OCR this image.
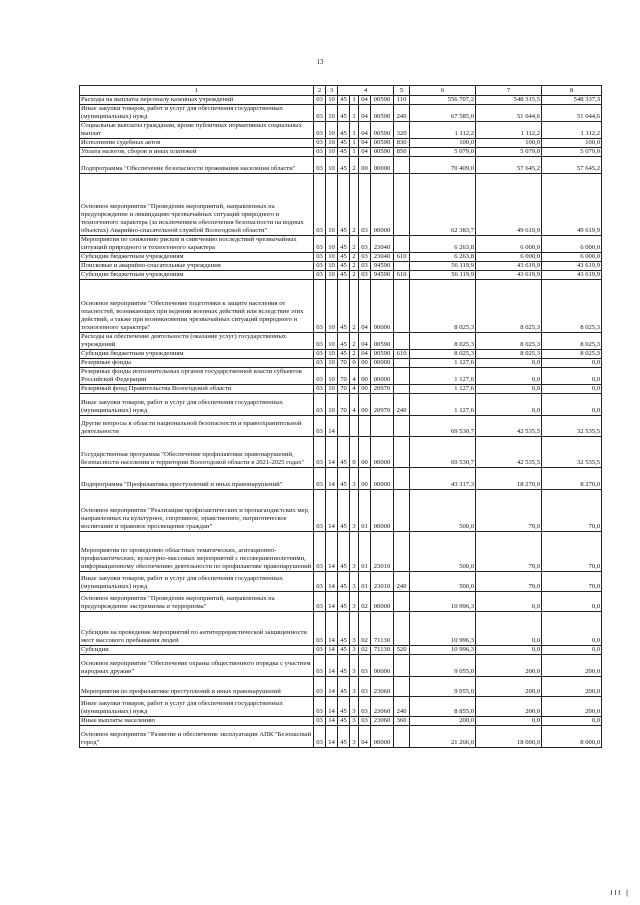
13
1	2	3	4				5	6	7	8
Расходы на выплаты персоналу казенных учреждений	03	10	45	1	04	00590		110	556 707,2	548 315,5	548 337,3
Иные закупки товаров, работ и услуг для обеспечения государственных (муниципальных) нужд	03	10	45	1	04	00590		240	67 585,0	51 044,6	51 044,6
Социальные выплаты гражданам, кроме публичных нормативных социальных выплат	03	10	45	1	04	00590		320	1 112,2	1 112,2	1 112,2
Исполнение судебных актов	03	10	45	1	04	00590		830	100,0	100,0	100,0
Уплата налогов, сборов и иных платежей	03	10	45	1	04	00590		850	5 079,0	5 079,0	5 079,0
Подпрограмма "Обеспечение безопасности проживания населения области"	03	10	45	2	00	00000			70 409,0	57 645,2	57 645,2
Основное мероприятие "Проведение мероприятий, направленных на предупреждение и ликвидацию чрезвычайных ситуаций природного и техногенного характера (за исключением обеспечения безопасности на водных объектах) Аварийно-спасательной службой Вологодской области"	03	10	45	2	03	00000			62 383,7	49 619,9	49 619,9
Мероприятия по снижению рисков и смягчению последствий чрезвычайных ситуаций природного и техногенного характера	03	10	45	2	03	23040			6 263,8	6 000,0	6 000,0
Субсидии бюджетным учреждениям	03	10	45	2	03	23040		610	6 263,8	6 000,0	6 000,0
Поисковые и аварийно-спасательные учреждения	03	10	45	2	03	94590			56 119,9	43 619,9	43 619,9
Субсидии бюджетным учреждениям	03	10	45	2	03	94590		610	56 119,9	43 619,9	43 619,9
Основное мероприятие "Обеспечение подготовки к защите населения от опасностей, возникающих при ведении военных действий или вследствие этих действий, а также при возникновении чрезвычайных ситуаций природного и техногенного характера"	03	10	45	2	04	00000			8 025,3	8 025,3	8 025,3
Расходы на обеспечение деятельности (оказание услуг) государственных учреждений	03	10	45	2	04	00590			8 025,3	8 025,3	8 025,3
Субсидии бюджетным учреждениям	03	10	45	2	04	00590		610	8 025,3	8 025,3	8 025,3
Резервные фонды	03	10	70	0	00	00000			1 127,6	0,0	0,0
Резервные фонды исполнительных органов государственной власти субъектов Российской Федерации	03	10	70	4	00	00000			1 127,6	0,0	0,0
Резервный фонд Правительства Вологодской области	03	10	70	4	00	20970			1 127,6	0,0	0,0
Иные закупки товаров, работ и услуг для обеспечения государственных (муниципальных) нужд	03	10	70	4	00	20970		240	1 127,6	0,0	0,0
Другие вопросы в области национальной безопасности и правоохранительной деятельности	03	14							69 530,7	42 535,5	32 535,5
Государственная программа "Обеспечение профилактики правонарушений, безопасности населения и территории Вологодской области в 2021-2025 годах"	03	14	45	0	00	00000			69 530,7	42 535,5	32 535,5
Подпрограмма "Профилактика преступлений и иных правонарушений"	03	14	45	3	00	00000			43 317,3	18 270,0	8 270,0
Основное мероприятие "Реализация профилактических и пропагандистских мер, направленных на культурное, спортивное, нравственное, патриотическое воспитание и правовое просвещение граждан"	03	14	45	3	01	00000			500,0	70,0	70,0
Мероприятия по проведению областных тематических, агитационно-профилактических, культурно-массовых мероприятий с несовершеннолетними, информационному обеспечению деятельности по профилактике правонарушений	03	14	45	3	01	23010			500,0	70,0	70,0
Иные закупки товаров, работ и услуг для обеспечения государственных (муниципальных) нужд	03	14	45	3	01	23010		240	500,0	70,0	70,0
Основное мероприятие "Проведение мероприятий, направленных на предупреждение экстремизма и терроризма"	03	14	45	3	02	00000			10 996,3	0,0	0,0
Субсидии на проведение мероприятий по антитеррористической защищенности мест массового пребывания людей	03	14	45	3	02	71130			10 996,3	0,0	0,0
Субсидии	03	14	45	3	02	71130		520	10 996,3	0,0	0,0
Основное мероприятие "Обеспечение охраны общественного порядка с участием народных дружин"	03	14	45	3	03	00000			9 055,0	200,0	200,0
Мероприятия по профилактике преступлений и иных правонарушений	03	14	45	3	03	23060			9 055,0	200,0	200,0
Иные закупки товаров, работ и услуг для обеспечения государственных (муниципальных) нужд	03	14	45	3	03	23060		240	8 855,0	200,0	200,0
Иные выплаты населению	03	14	45	3	03	23060		360	200,0	0,0	0,0
Основное мероприятие "Развитие и обеспечение эксплуатации АПК "Безопасный город"	03	14	45	3	04	00000			21 266,0	18 000,0	8 000,0
III |
